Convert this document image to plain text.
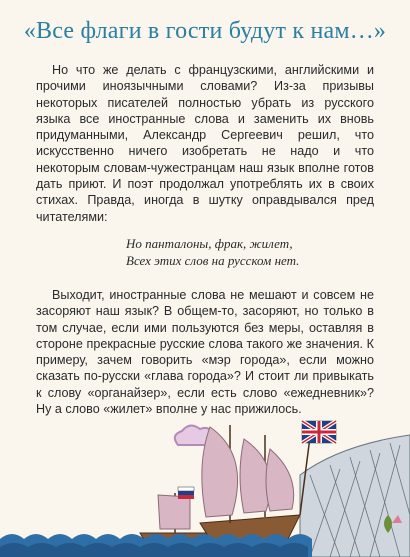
«Все флаги в гости будут к нам…»

Но что же делать с французскими, английскими и прочими иноязычными словами? Из-за призывы некоторых писателей полностью убрать из русского языка все иностранные слова и заменить их вновь придуманными, Александр Сергеевич решил, что искусственно ничего изобретать не надо и что некоторым словам-чужестранцам наш язык вполне готов дать приют. И поэт продолжал употреблять их в своих стихах. Правда, иногда в шутку оправдывался пред читателями:

Но панталоны, фрак, жилет,
Всех этих слов на русском нет.

Выходит, иностранные слова не мешают и совсем не засоряют наш язык? В общем-то, засоряют, но только в том случае, если ими пользуются без меры, оставляя в стороне прекрасные русские слова такого же значения. К примеру, зачем говорить «мэр города», если можно сказать по-русски «глава города»? И стоит ли привыкать к слову «органайзер», если есть слово «ежедневник»? Ну а слово «жилет» вполне у нас прижилось.
